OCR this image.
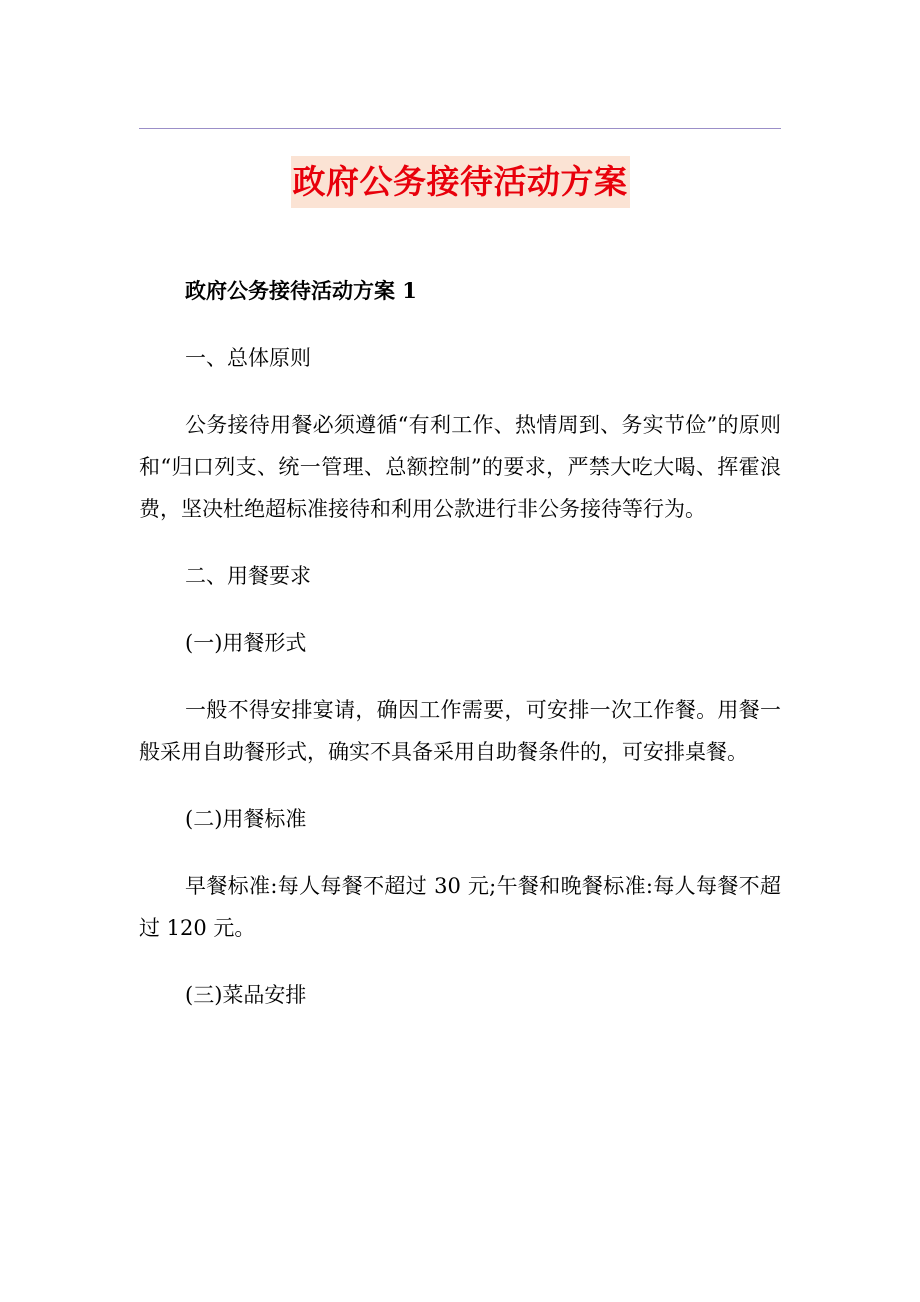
政府公务接待活动方案

政府公务接待活动方案 1

一、总体原则

公务接待用餐必须遵循“有利工作、热情周到、务实节俭”的原则和“归口列支、统一管理、总额控制”的要求，严禁大吃大喝、挥霍浪费，坚决杜绝超标准接待和利用公款进行非公务接待等行为。

二、用餐要求

(一)用餐形式

一般不得安排宴请，确因工作需要，可安排一次工作餐。用餐一般采用自助餐形式，确实不具备采用自助餐条件的，可安排桌餐。

(二)用餐标准

早餐标准:每人每餐不超过 30 元;午餐和晚餐标准:每人每餐不超过 120 元。

(三)菜品安排
